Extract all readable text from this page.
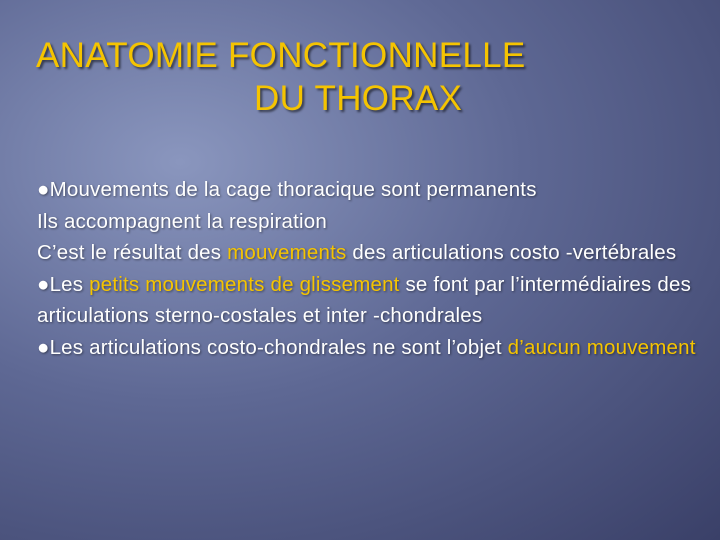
ANATOMIE FONCTIONNELLE
DU THORAX

●Mouvements de la cage thoracique sont permanents

Ils accompagnent la respiration

C’est le résultat des mouvements des articulations costo -vertébrales

●Les petits mouvements de glissement se font par l’intermédiaires des articulations sterno-costales et inter -chondrales

●Les articulations costo-chondrales ne sont l’objet d’aucun mouvement
